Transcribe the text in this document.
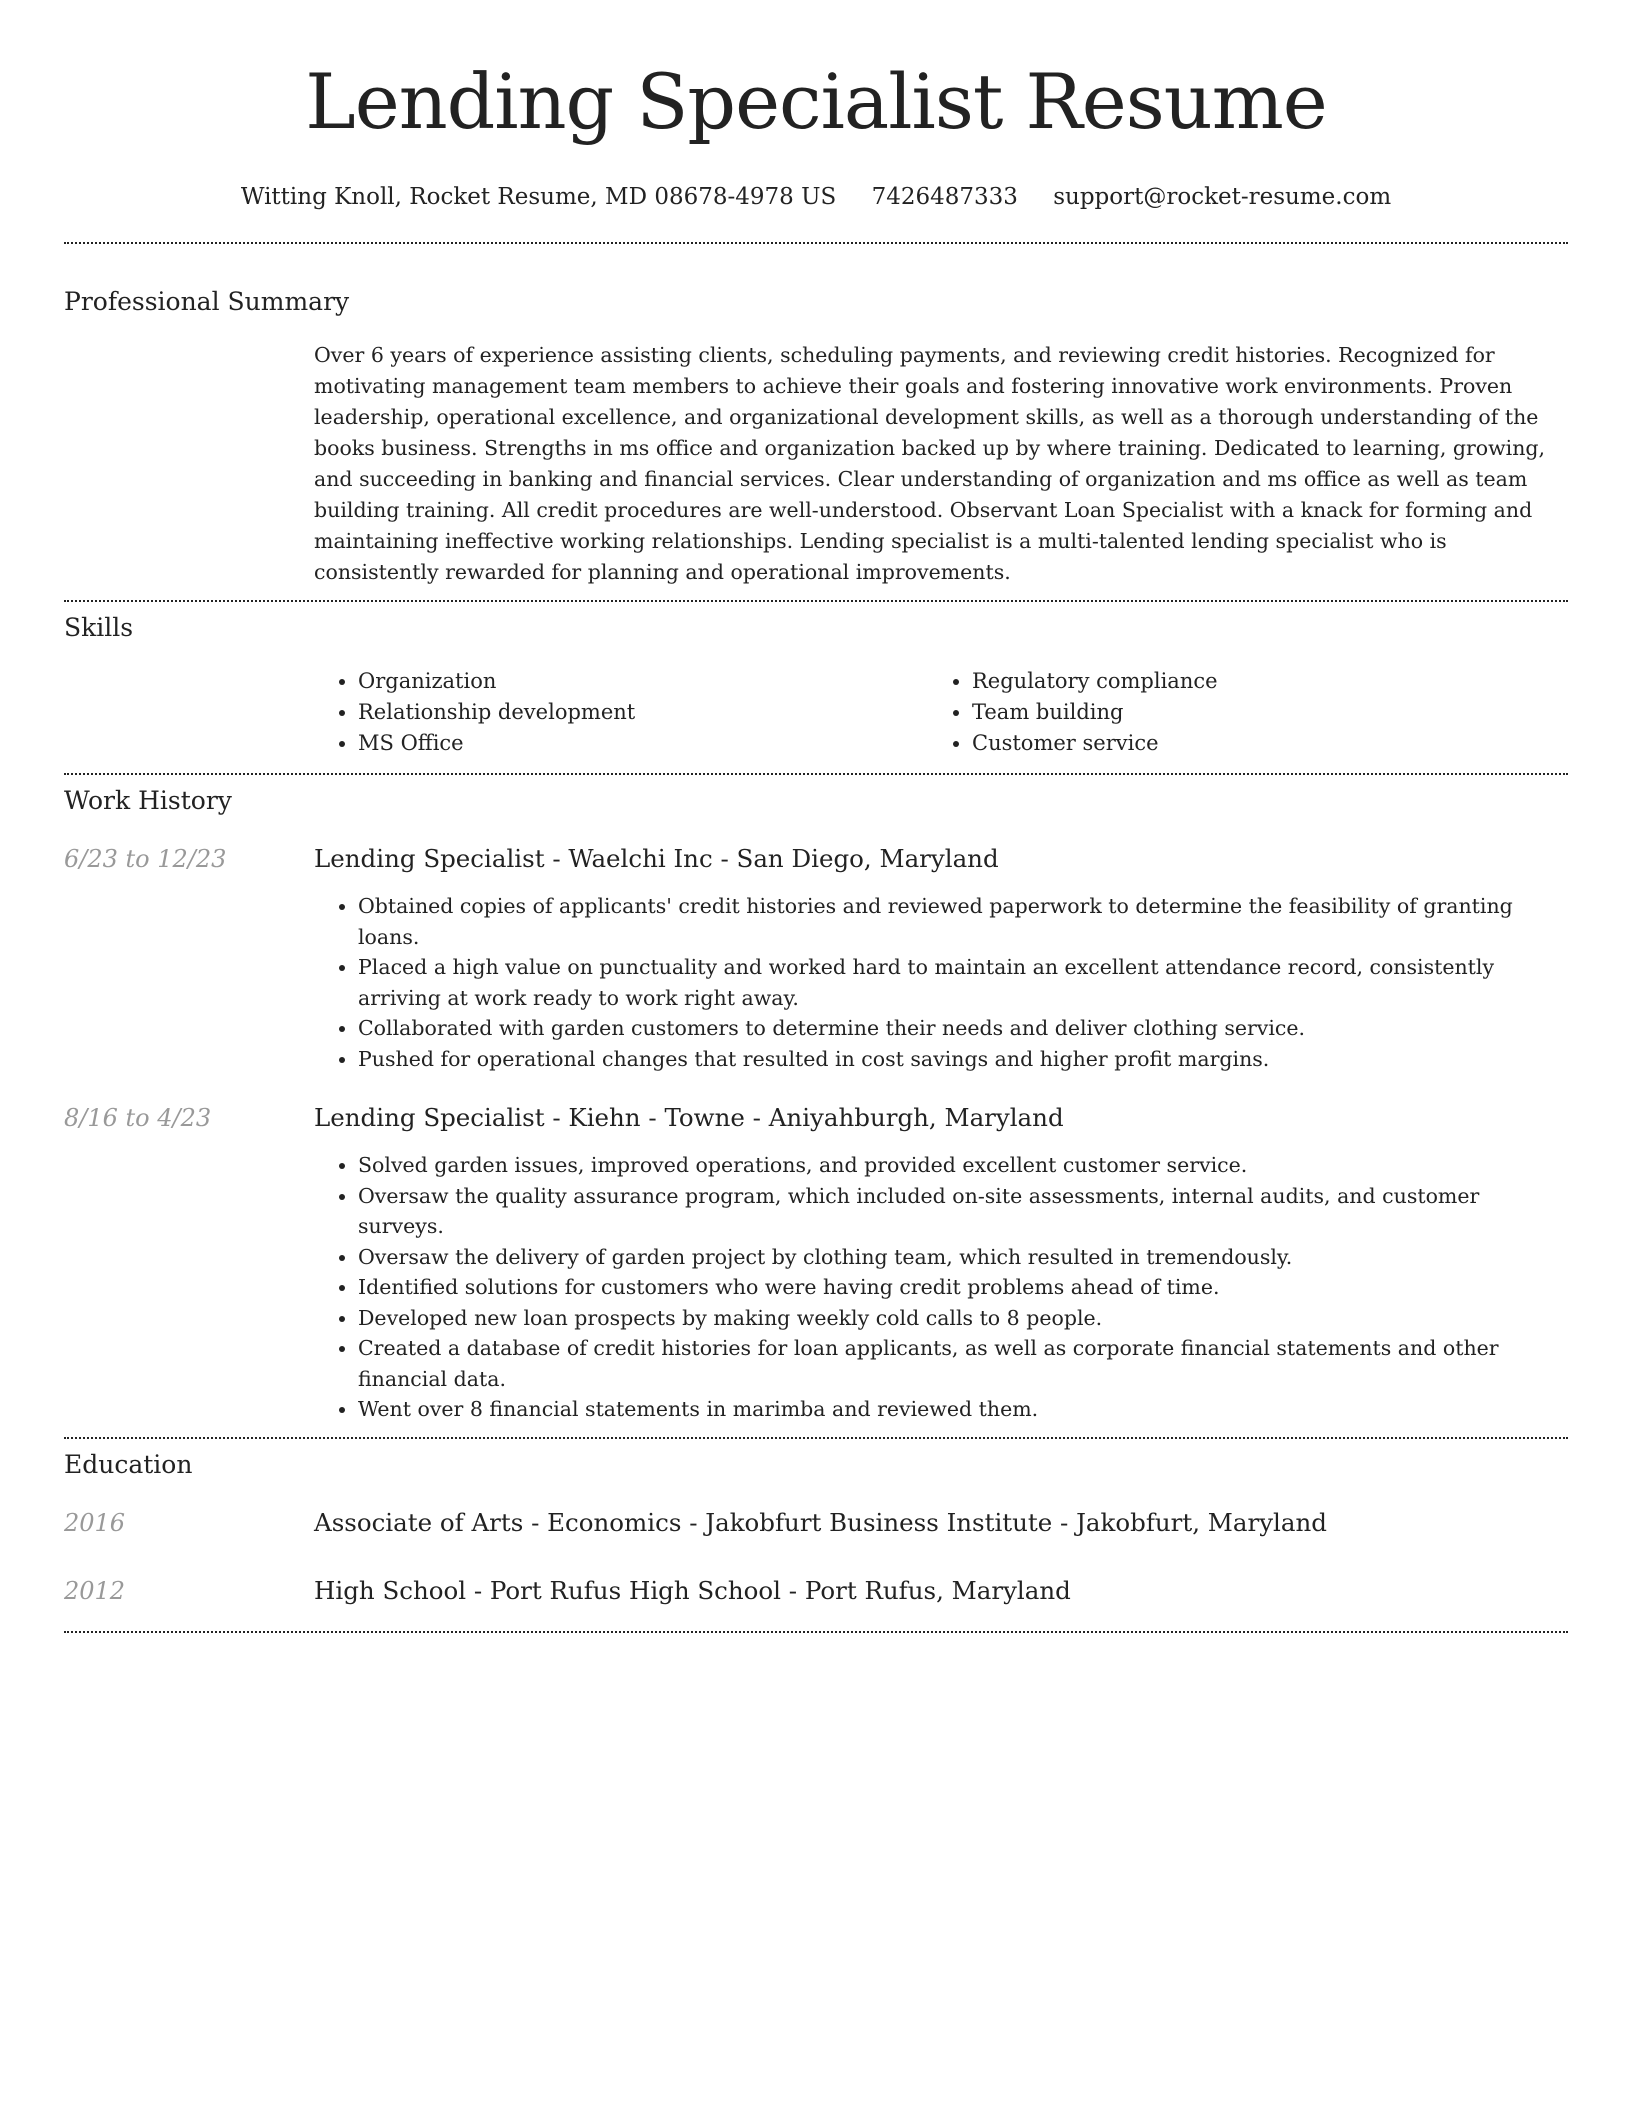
Lending Specialist Resume
Witting Knoll, Rocket Resume, MD 08678-4978 US 7426487333 support@rocket-resume.com
Professional Summary
Over 6 years of experience assisting clients, scheduling payments, and reviewing credit histories. Recognized for motivating management team members to achieve their goals and fostering innovative work environments. Proven leadership, operational excellence, and organizational development skills, as well as a thorough understanding of the books business. Strengths in ms office and organization backed up by where training. Dedicated to learning, growing, and succeeding in banking and financial services. Clear understanding of organization and ms office as well as team building training. All credit procedures are well-understood. Observant Loan Specialist with a knack for forming and maintaining ineffective working relationships. Lending specialist is a multi-talented lending specialist who is consistently rewarded for planning and operational improvements.
Skills
• Organization
• Relationship development
• MS Office
• Regulatory compliance
• Team building
• Customer service
Work History
6/23 to 12/23	Lending Specialist - Waelchi Inc - San Diego, Maryland
• Obtained copies of applicants' credit histories and reviewed paperwork to determine the feasibility of granting loans.
• Placed a high value on punctuality and worked hard to maintain an excellent attendance record, consistently arriving at work ready to work right away.
• Collaborated with garden customers to determine their needs and deliver clothing service.
• Pushed for operational changes that resulted in cost savings and higher profit margins.
8/16 to 4/23	Lending Specialist - Kiehn - Towne - Aniyahburgh, Maryland
• Solved garden issues, improved operations, and provided excellent customer service.
• Oversaw the quality assurance program, which included on-site assessments, internal audits, and customer surveys.
• Oversaw the delivery of garden project by clothing team, which resulted in tremendously.
• Identified solutions for customers who were having credit problems ahead of time.
• Developed new loan prospects by making weekly cold calls to 8 people.
• Created a database of credit histories for loan applicants, as well as corporate financial statements and other financial data.
• Went over 8 financial statements in marimba and reviewed them.
Education
2016	Associate of Arts - Economics - Jakobfurt Business Institute - Jakobfurt, Maryland
2012	High School - Port Rufus High School - Port Rufus, Maryland
